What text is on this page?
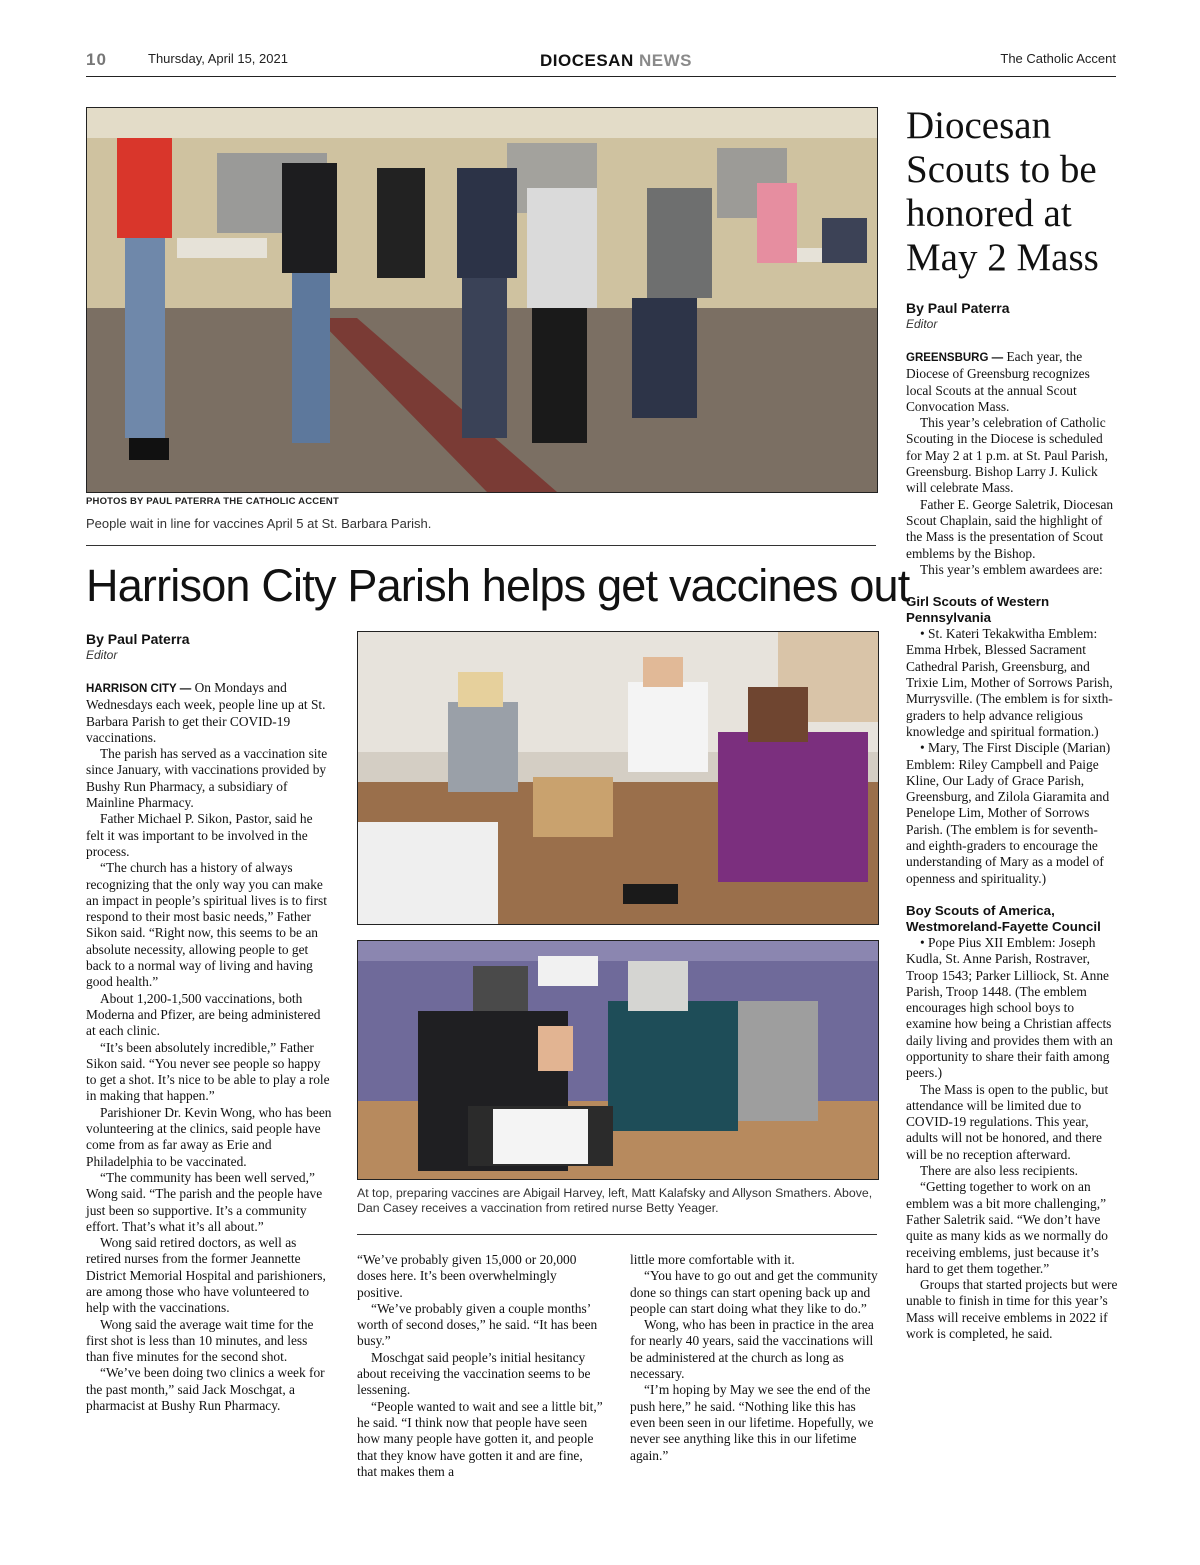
10	Thursday, April 15, 2021	DIOCESAN NEWS	The Catholic Accent
PHOTOS BY PAUL PATERRA THE CATHOLIC ACCENT
People wait in line for vaccines April 5 at St. Barbara Parish.
Harrison City Parish helps get vaccines out
By Paul Paterra
Editor

HARRISON CITY — On Mondays and Wednesdays each week, people line up at St. Barbara Parish to get their COVID-19 vaccinations.

The parish has served as a vaccination site since January, with vaccinations provided by Bushy Run Pharmacy, a subsidiary of Mainline Pharmacy.

Father Michael P. Sikon, Pastor, said he felt it was important to be involved in the process.

“The church has a history of always recognizing that the only way you can make an impact in people’s spiritual lives is to first respond to their most basic needs,” Father Sikon said. “Right now, this seems to be an absolute necessity, allowing people to get back to a normal way of living and having good health.”

About 1,200-1,500 vaccinations, both Moderna and Pfizer, are being administered at each clinic.

“It’s been absolutely incredible,” Father Sikon said. “You never see people so happy to get a shot. It’s nice to be able to play a role in making that happen.”

Parishioner Dr. Kevin Wong, who has been volunteering at the clinics, said people have come from as far away as Erie and Philadelphia to be vaccinated.

“The community has been well served,” Wong said. “The parish and the people have just been so supportive. It’s a community effort. That’s what it’s all about.”

Wong said retired doctors, as well as retired nurses from the former Jeannette District Memorial Hospital and parishioners, are among those who have volunteered to help with the vaccinations.

Wong said the average wait time for the first shot is less than 10 minutes, and less than five minutes for the second shot.

“We’ve been doing two clinics a week for the past month,” said Jack Moschgat, a pharmacist at Bushy Run Pharmacy.

At top, preparing vaccines are Abigail Harvey, left, Matt Kalafsky and Allyson Smathers. Above, Dan Casey receives a vaccination from retired nurse Betty Yeager.

“We’ve probably given 15,000 or 20,000 doses here. It’s been overwhelmingly positive.

“We’ve probably given a couple months’ worth of second doses,” he said. “It has been busy.”

Moschgat said people’s initial hesitancy about receiving the vaccination seems to be lessening.

“People wanted to wait and see a little bit,” he said. “I think now that people have seen how many people have gotten it, and people that they know have gotten it and are fine, that makes them a

little more comfortable with it.

“You have to go out and get the community done so things can start opening back up and people can start doing what they like to do.”

Wong, who has been in practice in the area for nearly 40 years, said the vaccinations will be administered at the church as long as necessary.

“I’m hoping by May we see the end of the push here,” he said. “Nothing like this has even been seen in our lifetime. Hopefully, we never see anything like this in our lifetime again.”

Diocesan Scouts to be honored at May 2 Mass
By Paul Paterra
Editor

GREENSBURG — Each year, the Diocese of Greensburg recognizes local Scouts at the annual Scout Convocation Mass.

This year’s celebration of Catholic Scouting in the Diocese is scheduled for May 2 at 1 p.m. at St. Paul Parish, Greensburg. Bishop Larry J. Kulick will celebrate Mass.

Father E. George Saletrik, Diocesan Scout Chaplain, said the highlight of the Mass is the presentation of Scout emblems by the Bishop.

This year’s emblem awardees are:

Girl Scouts of Western Pennsylvania

• St. Kateri Tekakwitha Emblem: Emma Hrbek, Blessed Sacrament Cathedral Parish, Greensburg, and Trixie Lim, Mother of Sorrows Parish, Murrysville. (The emblem is for sixth-graders to help advance religious knowledge and spiritual formation.)

• Mary, The First Disciple (Marian) Emblem: Riley Campbell and Paige Kline, Our Lady of Grace Parish, Greensburg, and Zilola Giaramita and Penelope Lim, Mother of Sorrows Parish. (The emblem is for seventh- and eighth-graders to encourage the understanding of Mary as a model of openness and spirituality.)

Boy Scouts of America, Westmoreland-Fayette Council

• Pope Pius XII Emblem: Joseph Kudla, St. Anne Parish, Rostraver, Troop 1543; Parker Lilliock, St. Anne Parish, Troop 1448. (The emblem encourages high school boys to examine how being a Christian affects daily living and provides them with an opportunity to share their faith among peers.)

The Mass is open to the public, but attendance will be limited due to COVID-19 regulations. This year, adults will not be honored, and there will be no reception afterward.

There are also less recipients.

“Getting together to work on an emblem was a bit more challenging,” Father Saletrik said. “We don’t have quite as many kids as we normally do receiving emblems, just because it’s hard to get them together.”

Groups that started projects but were unable to finish in time for this year’s Mass will receive emblems in 2022 if work is completed, he said.
